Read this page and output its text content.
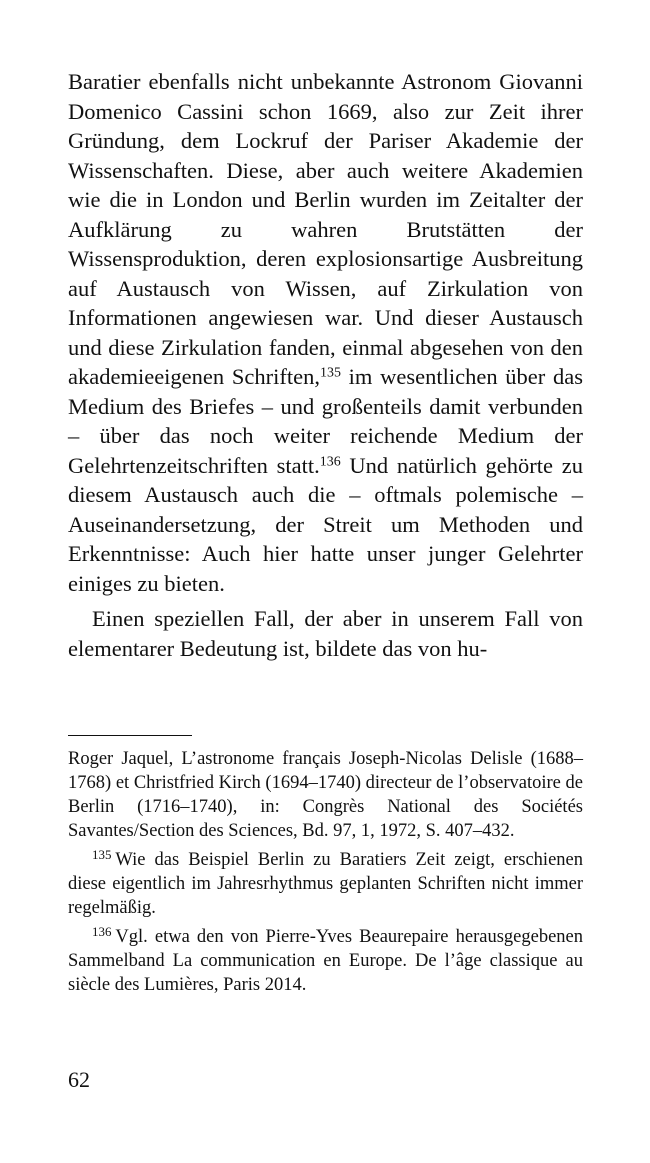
Baratier ebenfalls nicht unbekannte Astronom Giovanni Domenico Cassini schon 1669, also zur Zeit ihrer Gründung, dem Lockruf der Pariser Akademie der Wissenschaften. Diese, aber auch weitere Akademien wie die in London und Berlin wurden im Zeitalter der Aufklärung zu wahren Brutstätten der Wissensproduktion, deren explosionsartige Ausbreitung auf Austausch von Wissen, auf Zirkulation von Informationen angewiesen war. Und dieser Austausch und diese Zirkulation fanden, einmal abgesehen von den akademieeigenen Schriften,$^{135}$ im wesentlichen über das Medium des Briefes – und großenteils damit verbunden – über das noch weiter reichende Medium der Gelehrtenzeitschriften statt.$^{136}$ Und natürlich gehörte zu diesem Austausch auch die – oftmals polemische – Auseinandersetzung, der Streit um Methoden und Erkenntnisse: Auch hier hatte unser junger Gelehrter einiges zu bieten.

Einen speziellen Fall, der aber in unserem Fall von elementarer Bedeutung ist, bildete das von hu-

Roger Jaquel, L’astronome français Joseph-Nicolas Delisle (1688–1768) et Christfried Kirch (1694–1740) directeur de l’observatoire de Berlin (1716–1740), in: Congrès National des Sociétés Savantes/Section des Sciences, Bd. 97, 1, 1972, S. 407–432.

$^{135}$ Wie das Beispiel Berlin zu Baratiers Zeit zeigt, erschienen diese eigentlich im Jahresrhythmus geplanten Schriften nicht immer regelmäßig.

$^{136}$ Vgl. etwa den von Pierre-Yves Beaurepaire herausgegebenen Sammelband La communication en Europe. De l’âge classique au siècle des Lumières, Paris 2014.

62
